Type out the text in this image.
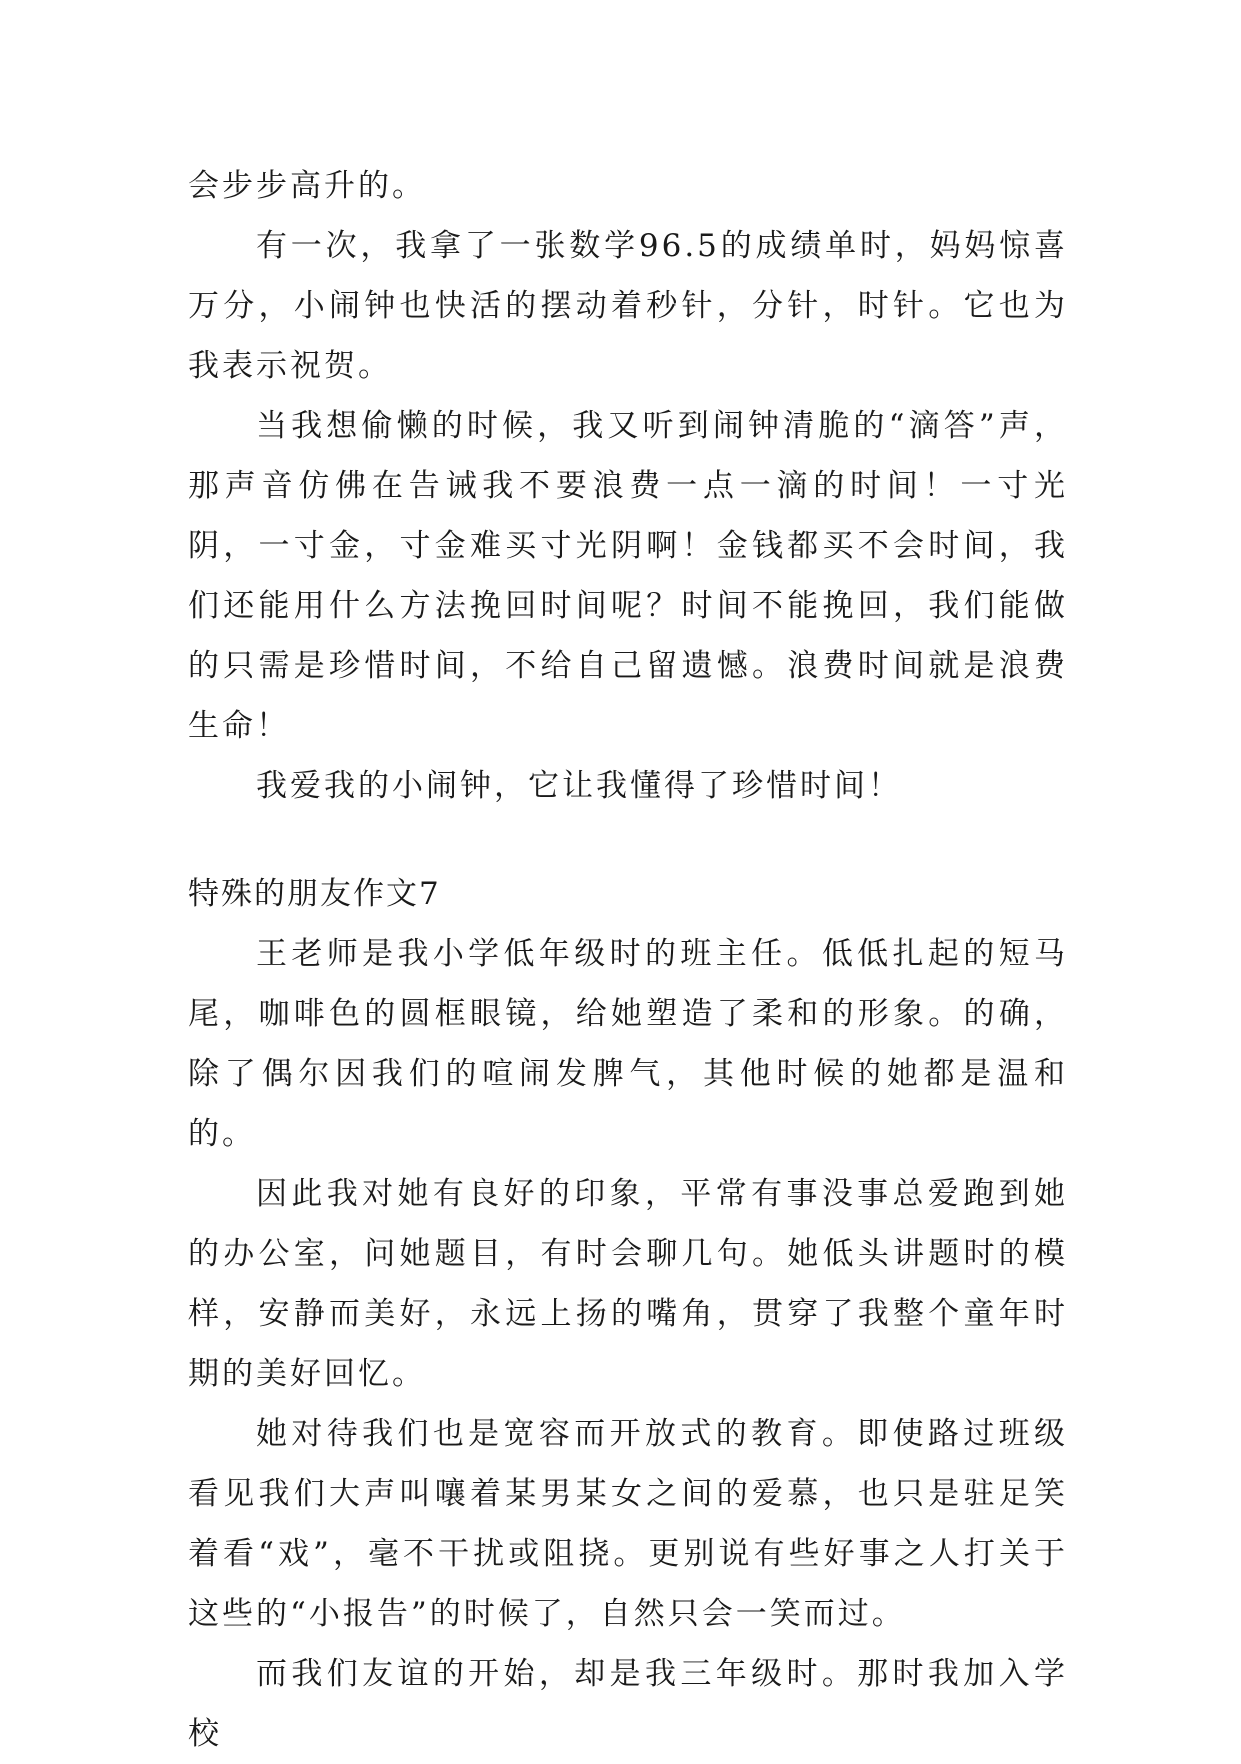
会步步高升的。

有一次，我拿了一张数学96.5的成绩单时，妈妈惊喜万分，小闹钟也快活的摆动着秒针，分针，时针。它也为我表示祝贺。

当我想偷懒的时候，我又听到闹钟清脆的“滴答”声，那声音仿佛在告诫我不要浪费一点一滴的时间！一寸光阴，一寸金，寸金难买寸光阴啊！金钱都买不会时间，我们还能用什么方法挽回时间呢？时间不能挽回，我们能做的只需是珍惜时间，不给自己留遗憾。浪费时间就是浪费生命！

我爱我的小闹钟，它让我懂得了珍惜时间！

特殊的朋友作文7

王老师是我小学低年级时的班主任。低低扎起的短马尾，咖啡色的圆框眼镜，给她塑造了柔和的形象。的确，除了偶尔因我们的喧闹发脾气，其他时候的她都是温和的。

因此我对她有良好的印象，平常有事没事总爱跑到她的办公室，问她题目，有时会聊几句。她低头讲题时的模样，安静而美好，永远上扬的嘴角，贯穿了我整个童年时期的美好回忆。

她对待我们也是宽容而开放式的教育。即使路过班级看见我们大声叫嚷着某男某女之间的爱慕，也只是驻足笑着看“戏”，毫不干扰或阻挠。更别说有些好事之人打关于这些的“小报告”的时候了，自然只会一笑而过。

而我们友谊的开始，却是我三年级时。那时我加入学校
